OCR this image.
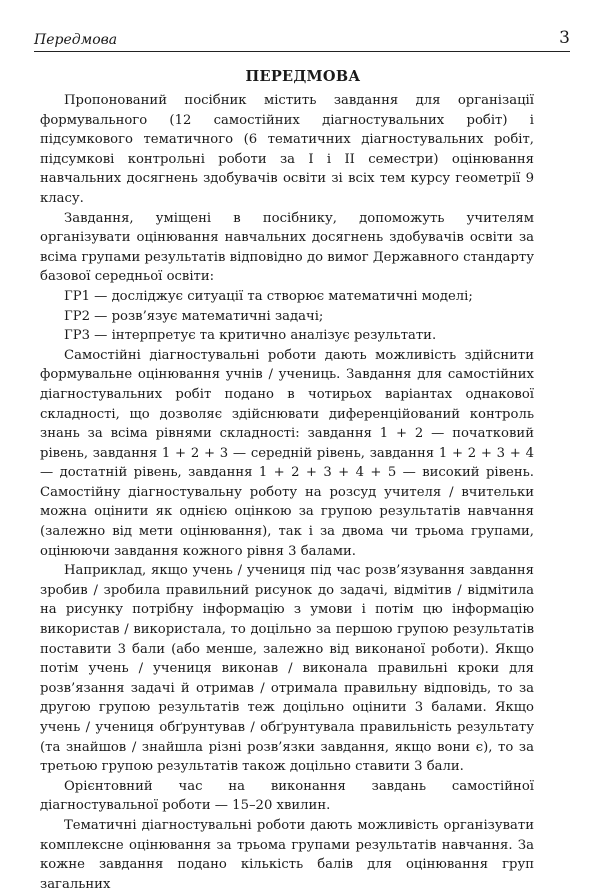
Передмова	3
ПЕРЕДМОВА

Пропонований посібник містить завдання для організації формувального (12 самостійних діагностувальних робіт) і підсумкового тематичного (6 тематичних діагностувальних робіт, підсумкові контрольні роботи за I і II семестри) оцінювання навчальних досягнень здобувачів освіти зі всіх тем курсу геометрії 9 класу.

Завдання, уміщені в посібнику, допоможуть учителям організувати оцінювання навчальних досягнень здобувачів освіти за всіма групами результатів відповідно до вимог Державного стандарту базової середньої освіти:

ГР1 — досліджує ситуації та створює математичні моделі;

ГР2 — розв’язує математичні задачі;

ГР3 — інтерпретує та критично аналізує результати.

Самостійні діагностувальні роботи дають можливість здійснити формувальне оцінювання учнів / учениць. Завдання для самостійних діагностувальних робіт подано в чотирьох варіантах однакової складності, що дозволяє здійснювати диференційований контроль знань за всіма рівнями складності: завдання 1 + 2 — початковий рівень, завдання 1 + 2 + 3 — середній рівень, завдання 1 + 2 + 3 + 4 — достатній рівень, завдання 1 + 2 + 3 + 4 + 5 — високий рівень. Самостійну діагностувальну роботу на розсуд учителя / вчительки можна оцінити як однією оцінкою за групою результатів навчання (залежно від мети оцінювання), так і за двома чи трьома групами, оцінюючи завдання кожного рівня 3 балами.

Наприклад, якщо учень / учениця під час розв’язування завдання зробив / зробила правильний рисунок до задачі, відмітив / відмітила на рисунку потрібну інформацію з умови і потім цю інформацію використав / використала, то доцільно за першою групою результатів поставити 3 бали (або менше, залежно від виконаної роботи). Якщо потім учень / учениця виконав / виконала правильні кроки для розв’язання задачі й отримав / отримала правильну відповідь, то за другою групою результатів теж доцільно оцінити 3 балами. Якщо учень / учениця обґрунтував / обґрунтувала правильність результату (та знайшов / знайшла різні розв’язки завдання, якщо вони є), то за третьою групою результатів також доцільно ставити 3 бали.

Орієнтовний час на виконання завдань самостійної діагностувальної роботи — 15–20 хвилин.

Тематичні діагностувальні роботи дають можливість організувати комплексне оцінювання за трьома групами результатів навчання. За кожне завдання подано кількість балів для оцінювання груп загальних
